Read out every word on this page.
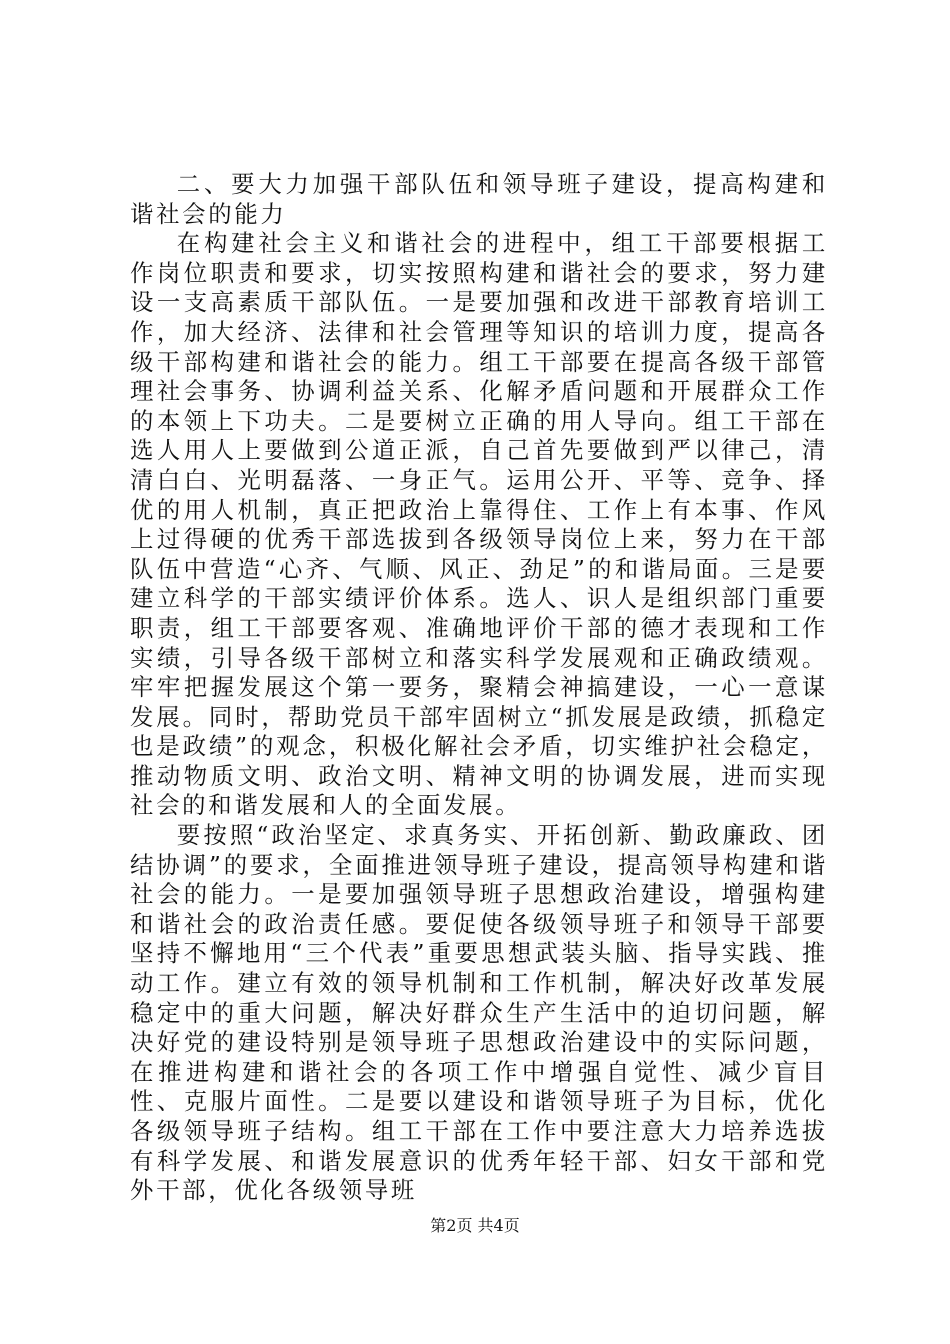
二、要大力加强干部队伍和领导班子建设，提高构建和谐社会的能力

在构建社会主义和谐社会的进程中，组工干部要根据工作岗位职责和要求，切实按照构建和谐社会的要求，努力建设一支高素质干部队伍。一是要加强和改进干部教育培训工作，加大经济、法律和社会管理等知识的培训力度，提高各级干部构建和谐社会的能力。组工干部要在提高各级干部管理社会事务、协调利益关系、化解矛盾问题和开展群众工作的本领上下功夫。二是要树立正确的用人导向。组工干部在选人用人上要做到公道正派，自己首先要做到严以律己，清清白白、光明磊落、一身正气。运用公开、平等、竞争、择优的用人机制，真正把政治上靠得住、工作上有本事、作风上过得硬的优秀干部选拔到各级领导岗位上来，努力在干部队伍中营造“心齐、气顺、风正、劲足”的和谐局面。三是要建立科学的干部实绩评价体系。选人、识人是组织部门重要职责，组工干部要客观、准确地评价干部的德才表现和工作实绩，引导各级干部树立和落实科学发展观和正确政绩观。牢牢把握发展这个第一要务，聚精会神搞建设，一心一意谋发展。同时，帮助党员干部牢固树立“抓发展是政绩，抓稳定也是政绩”的观念，积极化解社会矛盾，切实维护社会稳定，推动物质文明、政治文明、精神文明的协调发展，进而实现社会的和谐发展和人的全面发展。

要按照“政治坚定、求真务实、开拓创新、勤政廉政、团结协调”的要求，全面推进领导班子建设，提高领导构建和谐社会的能力。一是要加强领导班子思想政治建设，增强构建和谐社会的政治责任感。要促使各级领导班子和领导干部要坚持不懈地用“三个代表”重要思想武装头脑、指导实践、推动工作。建立有效的领导机制和工作机制，解决好改革发展稳定中的重大问题，解决好群众生产生活中的迫切问题，解决好党的建设特别是领导班子思想政治建设中的实际问题，在推进构建和谐社会的各项工作中增强自觉性、减少盲目性、克服片面性。二是要以建设和谐领导班子为目标，优化各级领导班子结构。组工干部在工作中要注意大力培养选拔有科学发展、和谐发展意识的优秀年轻干部、妇女干部和党外干部，优化各级领导班

第2页 共4页
